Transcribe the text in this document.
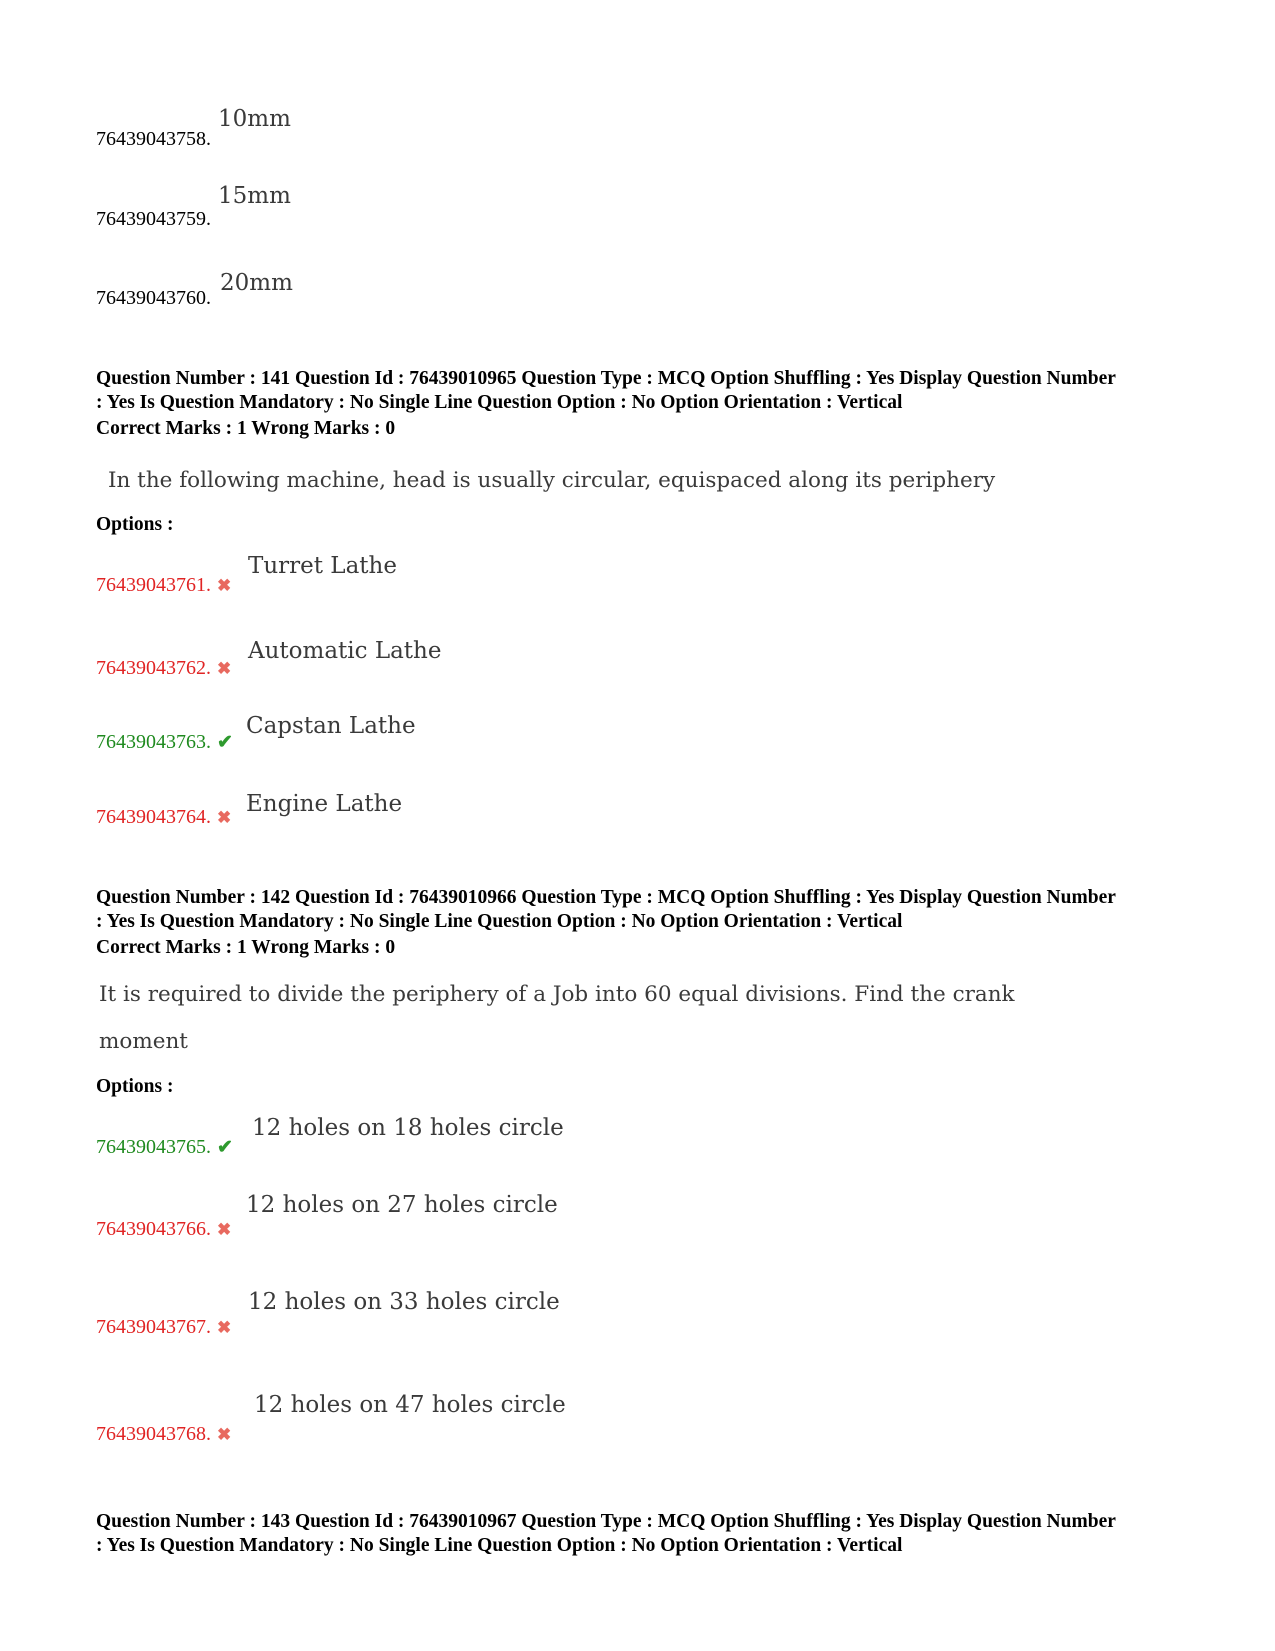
76439043758.
10mm
76439043759.
15mm
76439043760.
20mm
Question Number : 141 Question Id : 76439010965 Question Type : MCQ Option Shuffling : Yes Display Question Number
: Yes Is Question Mandatory : No Single Line Question Option : No Option Orientation : Vertical
Correct Marks : 1 Wrong Marks : 0
In the following machine, head is usually circular, equispaced along its periphery
Options :
76439043761. ✖
Turret Lathe
76439043762. ✖
Automatic Lathe
76439043763. ✔
Capstan Lathe
76439043764. ✖
Engine Lathe
Question Number : 142 Question Id : 76439010966 Question Type : MCQ Option Shuffling : Yes Display Question Number
: Yes Is Question Mandatory : No Single Line Question Option : No Option Orientation : Vertical
Correct Marks : 1 Wrong Marks : 0
It is required to divide the periphery of a Job into 60 equal divisions. Find the crank
moment
Options :
76439043765. ✔
12 holes on 18 holes circle
76439043766. ✖
12 holes on 27 holes circle
76439043767. ✖
12 holes on 33 holes circle
76439043768. ✖
12 holes on 47 holes circle
Question Number : 143 Question Id : 76439010967 Question Type : MCQ Option Shuffling : Yes Display Question Number
: Yes Is Question Mandatory : No Single Line Question Option : No Option Orientation : Vertical
